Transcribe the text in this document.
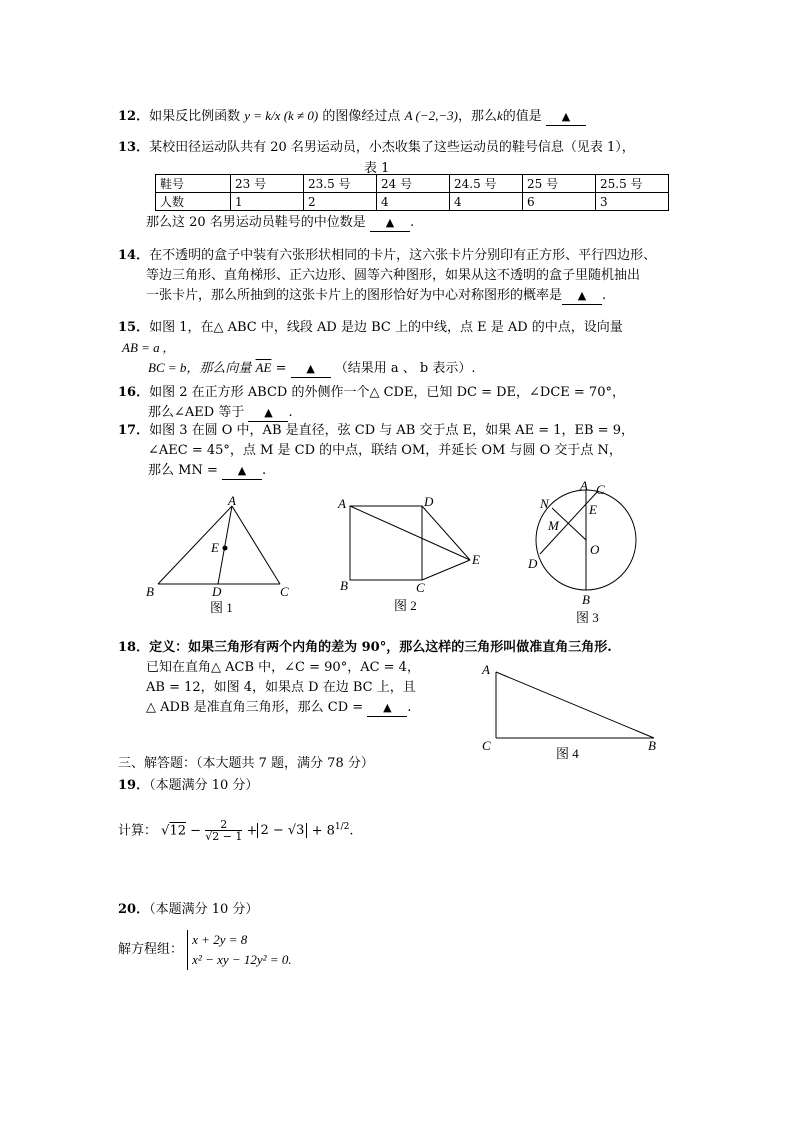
12．如果反比例函数 y = k/x (k ≠ 0) 的图像经过点 A (−2,−3)，那么k的值是 ▲
13．某校田径运动队共有 20 名男运动员，小杰收集了这些运动员的鞋号信息（见表 1），
表 1
鞋号	23 号	23.5 号	24 号	24.5 号	25 号	25.5 号
人数	1	2	4	4	6	3
那么这 20 名男运动员鞋号的中位数是 ▲ .
14．在不透明的盒子中装有六张形状相同的卡片，这六张卡片分别印有正方形、平行四边形、
等边三角形、直角梯形、正六边形、圆等六种图形，如果从这不透明的盒子里随机抽出
一张卡片，那么所抽到的这张卡片上的图形恰好为中心对称图形的概率是 ▲ .
15．如图 1，在△ ABC 中，线段 AD 是边 BC 上的中线，点 E 是 AD 的中点，设向量
AB = a ,
BC = b，那么向量 $\overline{AE}$ = ▲ （结果用 a 、 b 表示）.
16．如图 2 在正方形 ABCD 的外侧作一个△ CDE，已知 DC = DE，∠DCE = 70°，
那么∠AED 等于 ▲ .
17．如图 3 在圆 O 中，AB 是直径，弦 CD 与 AB 交于点 E，如果 AE = 1，EB = 9，
∠AEC = 45°，点 M 是 CD 的中点，联结 OM，并延长 OM 与圆 O 交于点 N，
那么 MN = ▲ .
A
B	C
D
E
图 1
A	D
B	C
E
图 2
A C
E
N
M
O
D
B
图 3
18．定义：如果三角形有两个内角的差为 90°，那么这样的三角形叫做准直角三角形.
已知在直角△ ACB 中，∠C = 90°，AC = 4，
AB = 12，如图 4，如果点 D 在边 BC 上，且
△ ADB 是准直角三角形，那么 CD = ▲ .
A
C	B
图 4
三、解答题：（本大题共 7 题，满分 78 分）
19．（本题满分 10 分）
计算： $√12 - \frac{2}{√2 - 1} + 2 - √3 + 8^{1/2}$.
20．（本题满分 10 分）
解方程组：
x + 2y = 8
x² − xy − 12y² = 0.
